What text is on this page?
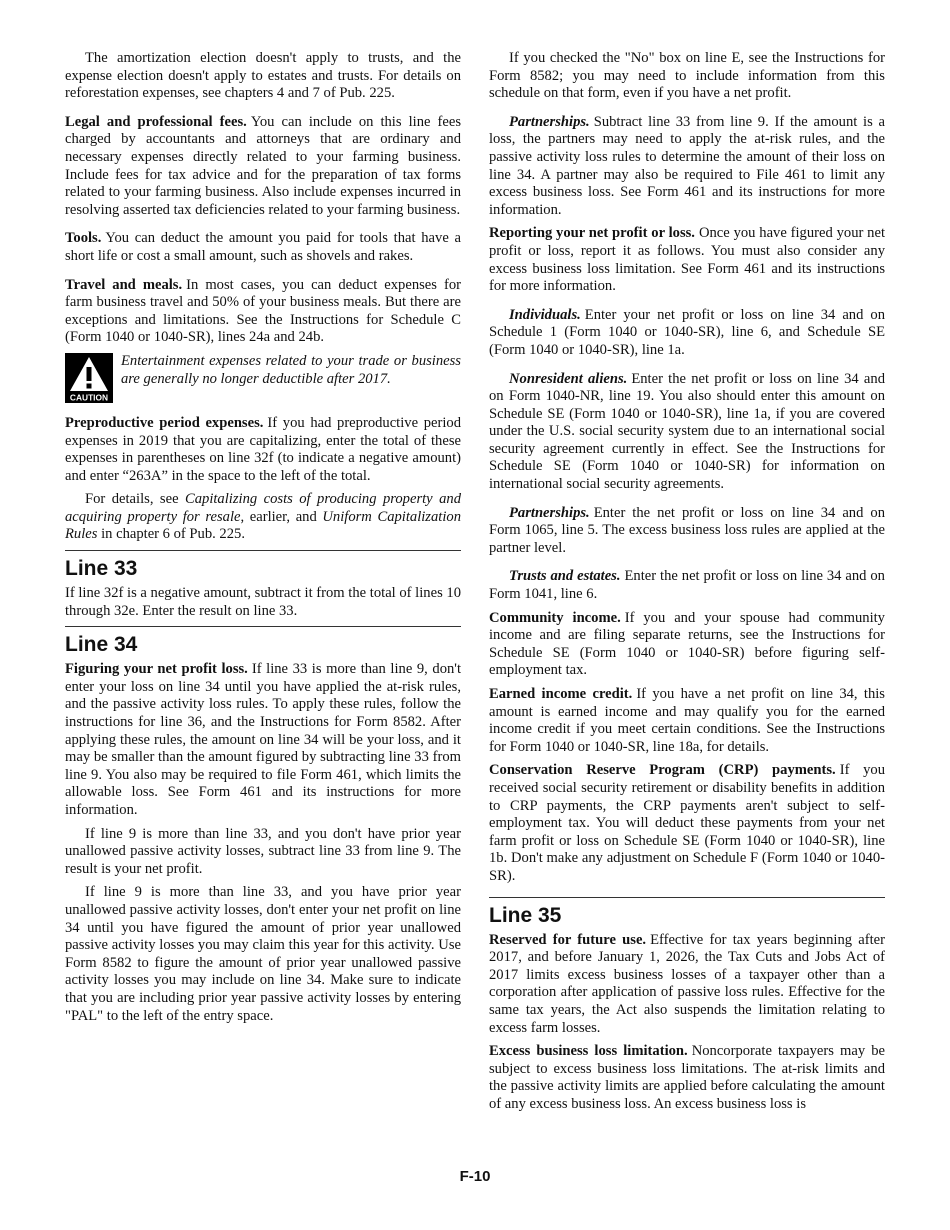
The amortization election doesn't apply to trusts, and the expense election doesn't apply to estates and trusts. For details on reforestation expenses, see chapters 4 and 7 of Pub. 225.

Legal and professional fees. You can include on this line fees charged by accountants and attorneys that are ordinary and necessary expenses directly related to your farming business. Include fees for tax advice and for the preparation of tax forms related to your farming business. Also include expenses incurred in resolving asserted tax deficiencies related to your farming business.

Tools. You can deduct the amount you paid for tools that have a short life or cost a small amount, such as shovels and rakes.

Travel and meals. In most cases, you can deduct expenses for farm business travel and 50% of your business meals. But there are exceptions and limitations. See the Instructions for Schedule C (Form 1040 or 1040-SR), lines 24a and 24b.

CAUTION
Entertainment expenses related to your trade or business are generally no longer deductible after 2017.

Preproductive period expenses. If you had preproductive period expenses in 2019 that you are capitalizing, enter the total of these expenses in parentheses on line 32f (to indicate a negative amount) and enter “263A” in the space to the left of the total.

For details, see Capitalizing costs of producing property and acquiring property for resale, earlier, and Uniform Capitalization Rules in chapter 6 of Pub. 225.

Line 33

If line 32f is a negative amount, subtract it from the total of lines 10 through 32e. Enter the result on line 33.

Line 34

Figuring your net profit loss. If line 33 is more than line 9, don't enter your loss on line 34 until you have applied the at-risk rules, and the passive activity loss rules. To apply these rules, follow the instructions for line 36, and the Instructions for Form 8582. After applying these rules, the amount on line 34 will be your loss, and it may be smaller than the amount figured by subtracting line 33 from line 9. You also may be required to file Form 461, which limits the allowable loss. See Form 461 and its instructions for more information.

If line 9 is more than line 33, and you don't have prior year unallowed passive activity losses, subtract line 33 from line 9. The result is your net profit.

If line 9 is more than line 33, and you have prior year unallowed passive activity losses, don't enter your net profit on line 34 until you have figured the amount of prior year unallowed passive activity losses you may claim this year for this activity. Use Form 8582 to figure the amount of prior year unallowed passive activity losses you may include on line 34. Make sure to indicate that you are including prior year passive activity losses by entering "PAL" to the left of the entry space.

If you checked the "No" box on line E, see the Instructions for Form 8582; you may need to include information from this schedule on that form, even if you have a net profit.

Partnerships. Subtract line 33 from line 9. If the amount is a loss, the partners may need to apply the at-risk rules, and the passive activity loss rules to determine the amount of their loss on line 34. A partner may also be required to File 461 to limit any excess business loss. See Form 461 and its instructions for more information.

Reporting your net profit or loss. Once you have figured your net profit or loss, report it as follows. You must also consider any excess business loss limitation. See Form 461 and its instructions for more information.

Individuals. Enter your net profit or loss on line 34 and on Schedule 1 (Form 1040 or 1040-SR), line 6, and Schedule SE (Form 1040 or 1040-SR), line 1a.

Nonresident aliens. Enter the net profit or loss on line 34 and on Form 1040-NR, line 19. You also should enter this amount on Schedule SE (Form 1040 or 1040-SR), line 1a, if you are covered under the U.S. social security system due to an international social security agreement currently in effect. See the Instructions for Schedule SE (Form 1040 or 1040-SR) for information on international social security agreements.

Partnerships. Enter the net profit or loss on line 34 and on Form 1065, line 5. The excess business loss rules are applied at the partner level.

Trusts and estates. Enter the net profit or loss on line 34 and on Form 1041, line 6.

Community income. If you and your spouse had community income and are filing separate returns, see the Instructions for Schedule SE (Form 1040 or 1040-SR) before figuring self-employment tax.

Earned income credit. If you have a net profit on line 34, this amount is earned income and may qualify you for the earned income credit if you meet certain conditions. See the Instructions for Form 1040 or 1040-SR, line 18a, for details.

Conservation Reserve Program (CRP) payments. If you received social security retirement or disability benefits in addition to CRP payments, the CRP payments aren't subject to self-employment tax. You will deduct these payments from your net farm profit or loss on Schedule SE (Form 1040 or 1040-SR), line 1b. Don't make any adjustment on Schedule F (Form 1040 or 1040-SR).

Line 35

Reserved for future use. Effective for tax years beginning after 2017, and before January 1, 2026, the Tax Cuts and Jobs Act of 2017 limits excess business losses of a taxpayer other than a corporation after application of passive loss rules. Effective for the same tax years, the Act also suspends the limitation relating to excess farm losses.

Excess business loss limitation. Noncorporate taxpayers may be subject to excess business loss limitations. The at-risk limits and the passive activity limits are applied before calculating the amount of any excess business loss. An excess business loss is

F-10
